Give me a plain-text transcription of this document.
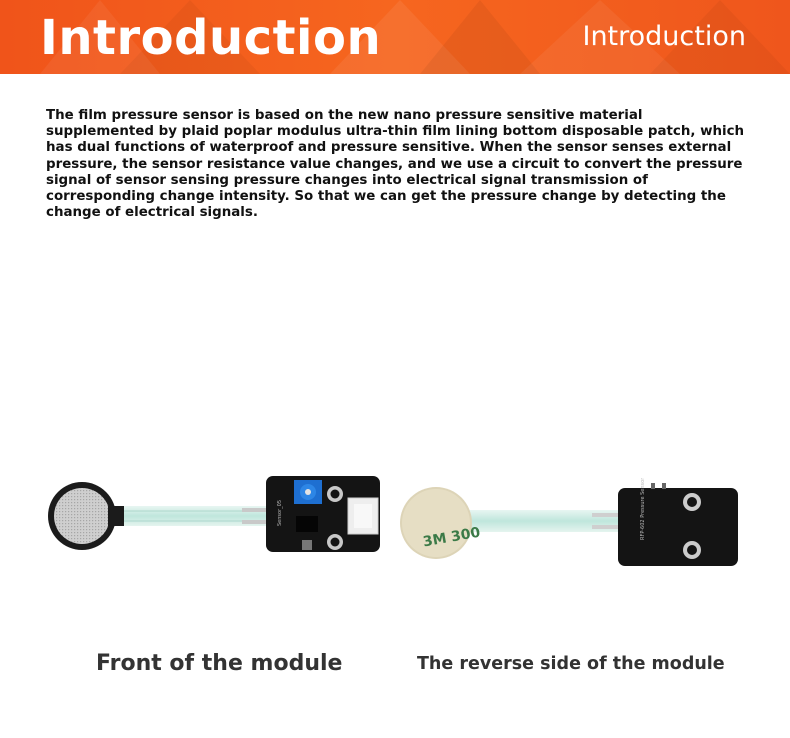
Introduction	Introduction

The film pressure sensor is based on the new nano pressure sensitive material supplemented by plaid poplar modulus ultra-thin film lining bottom disposable patch, which has dual functions of waterproof and pressure sensitive. When the sensor senses external pressure, the sensor resistance value changes, and we use a circuit to convert the pressure signal of sensor sensing pressure changes into electrical signal transmission of corresponding change intensity. So that we can get the pressure change by detecting the change of electrical signals.

Sensor_05
3M 300	RFP-602 Pressure Sensor
Front of the module	The reverse side of the module
